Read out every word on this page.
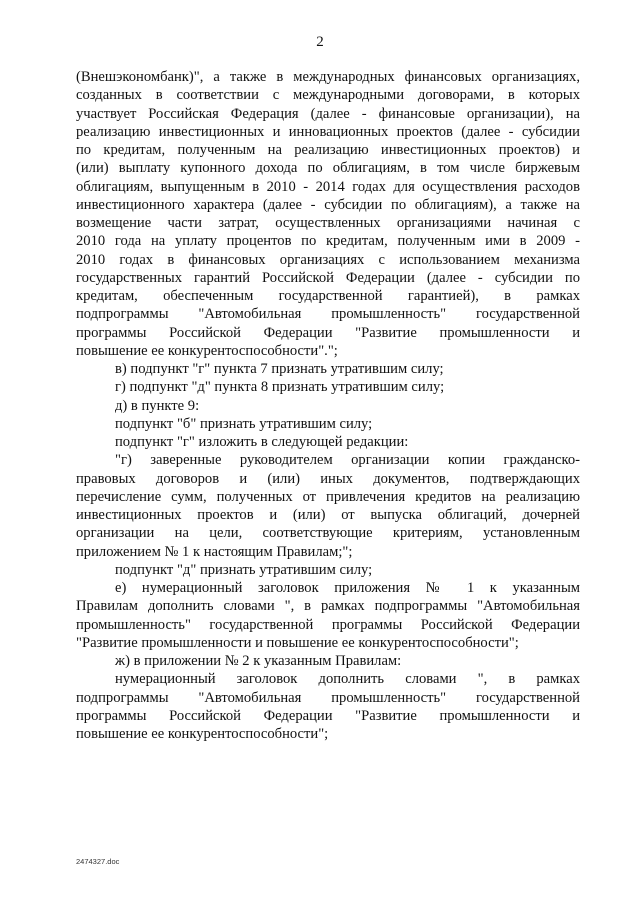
2
(Внешэкономбанк)", а также в международных финансовых организациях,
созданных в соответствии с международными договорами, в которых
участвует Российская Федерация (далее - финансовые организации), на
реализацию инвестиционных и инновационных проектов (далее - субсидии
по кредитам, полученным на реализацию инвестиционных проектов) и
(или) выплату купонного дохода по облигациям, в том числе биржевым
облигациям, выпущенным в 2010 - 2014 годах для осуществления расходов
инвестиционного характера (далее - субсидии по облигациям), а также на
возмещение части затрат, осуществленных организациями начиная с
2010 года на уплату процентов по кредитам, полученным ими в 2009 -
2010 годах в финансовых организациях с использованием механизма
государственных гарантий Российской Федерации (далее - субсидии по
кредитам, обеспеченным государственной гарантией), в рамках
подпрограммы "Автомобильная промышленность" государственной
программы Российской Федерации "Развитие промышленности и
повышение ее конкурентоспособности".";
в) подпункт "г" пункта 7 признать утратившим силу;
г) подпункт "д" пункта 8 признать утратившим силу;
д) в пункте 9:
подпункт "б" признать утратившим силу;
подпункт "г" изложить в следующей редакции:
"г) заверенные руководителем организации копии гражданско-
правовых договоров и (или) иных документов, подтверждающих
перечисление сумм, полученных от привлечения кредитов на реализацию
инвестиционных проектов и (или) от выпуска облигаций, дочерней
организации на цели, соответствующие критериям, установленным
приложением № 1 к настоящим Правилам;";
подпункт "д" признать утратившим силу;
е) нумерационный заголовок приложения № 1 к указанным
Правилам дополнить словами ", в рамках подпрограммы "Автомобильная
промышленность" государственной программы Российской Федерации
"Развитие промышленности и повышение ее конкурентоспособности";
ж) в приложении № 2 к указанным Правилам:
нумерационный заголовок дополнить словами ", в рамках
подпрограммы "Автомобильная промышленность" государственной
программы Российской Федерации "Развитие промышленности и
повышение ее конкурентоспособности";
2474327.doc
